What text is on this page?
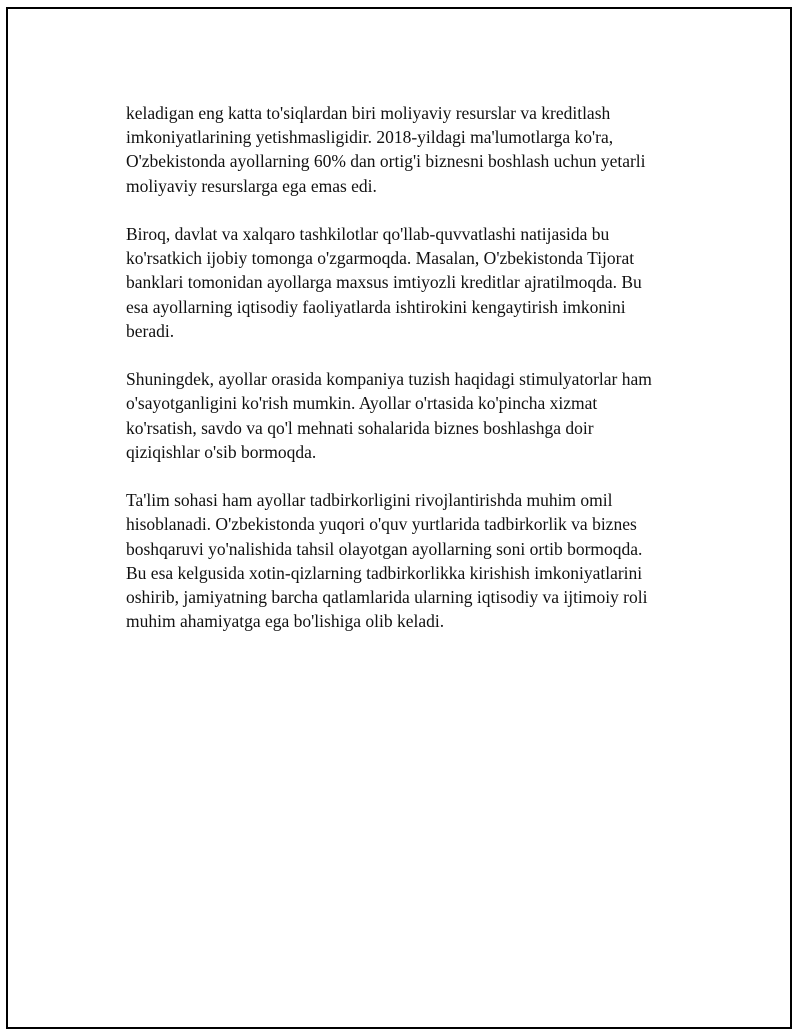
keladigan eng katta to'siqlardan biri moliyaviy resurslar va kreditlash
imkoniyatlarining yetishmasligidir. 2018-yildagi ma'lumotlarga ko'ra,
O'zbekistonda ayollarning 60% dan ortig'i biznesni boshlash uchun yetarli
moliyaviy resurslarga ega emas edi.

Biroq, davlat va xalqaro tashkilotlar qo'llab-quvvatlashi natijasida bu
ko'rsatkich ijobiy tomonga o'zgarmoqda. Masalan, O'zbekistonda Tijorat
banklari tomonidan ayollarga maxsus imtiyozli kreditlar ajratilmoqda. Bu
esa ayollarning iqtisodiy faoliyatlarda ishtirokini kengaytirish imkonini
beradi.

Shuningdek, ayollar orasida kompaniya tuzish haqidagi stimulyatorlar ham
o'sayotganligini ko'rish mumkin. Ayollar o'rtasida ko'pincha xizmat
ko'rsatish, savdo va qo'l mehnati sohalarida biznes boshlashga doir
qiziqishlar o'sib bormoqda.

Ta'lim sohasi ham ayollar tadbirkorligini rivojlantirishda muhim omil
hisoblanadi. O'zbekistonda yuqori o'quv yurtlarida tadbirkorlik va biznes
boshqaruvi yo'nalishida tahsil olayotgan ayollarning soni ortib bormoqda.
Bu esa kelgusida xotin-qizlarning tadbirkorlikka kirishish imkoniyatlarini
oshirib, jamiyatning barcha qatlamlarida ularning iqtisodiy va ijtimoiy roli
muhim ahamiyatga ega bo'lishiga olib keladi.
